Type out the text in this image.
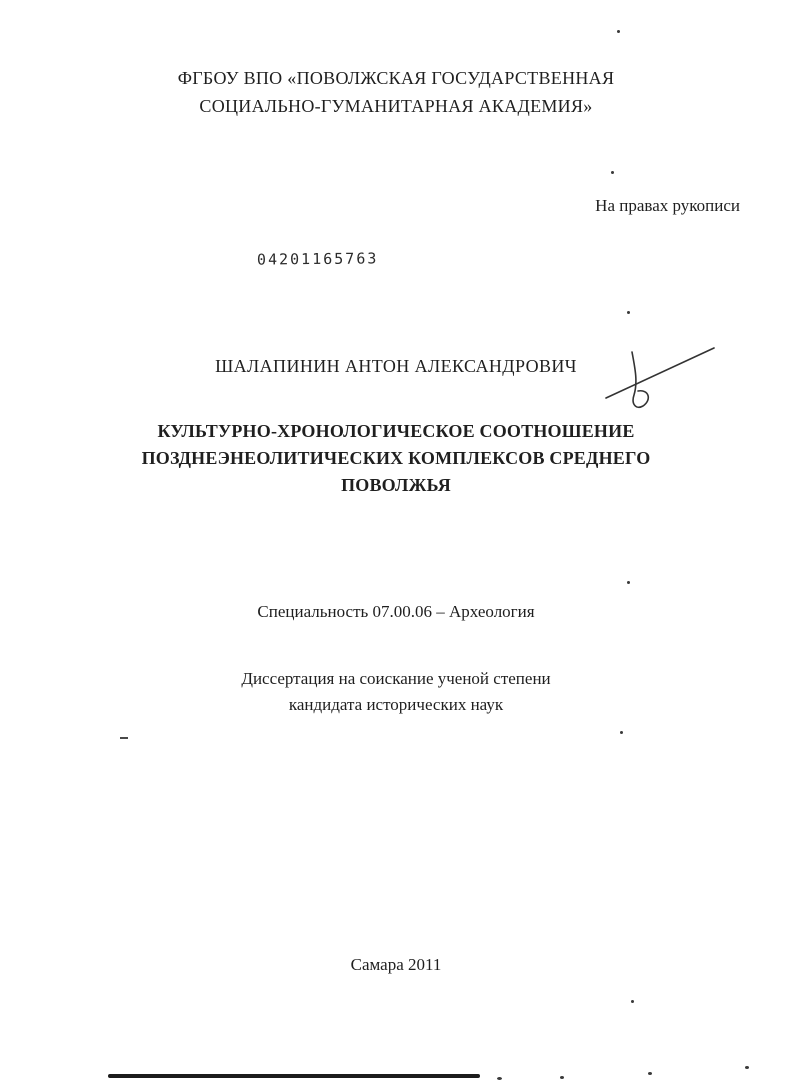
ФГБОУ ВПО «ПОВОЛЖСКАЯ ГОСУДАРСТВЕННАЯ
СОЦИАЛЬНО-ГУМАНИТАРНАЯ АКАДЕМИЯ»
На правах рукописи
04201165763
ШАЛАПИНИН АНТОН АЛЕКСАНДРОВИЧ
КУЛЬТУРНО-ХРОНОЛОГИЧЕСКОЕ СООТНОШЕНИЕ
ПОЗДНЕЭНЕОЛИТИЧЕСКИХ КОМПЛЕКСОВ СРЕДНЕГО
ПОВОЛЖЬЯ
Специальность 07.00.06 – Археология
Диссертация на соискание ученой степени
кандидата исторических наук
Самара 2011
